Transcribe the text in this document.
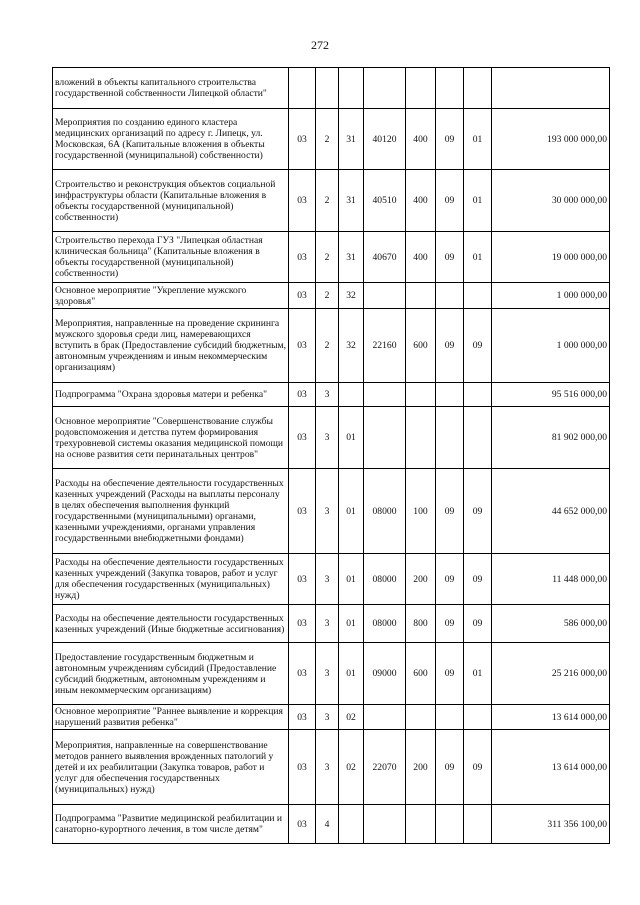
272
вложений в объекты капитального строительства государственной собственности Липецкой области"								
Мероприятия по созданию единого кластера медицинских организаций по адресу г. Липецк, ул. Московская, 6А (Капитальные вложения в объекты государственной (муниципальной) собственности)	03	2	31	40120	400	09	01	193 000 000,00
Строительство и реконструкция объектов социальной инфраструктуры области (Капитальные вложения в объекты государственной (муниципальной) собственности)	03	2	31	40510	400	09	01	30 000 000,00
Строительство перехода ГУЗ "Липецкая областная клиническая больница" (Капитальные вложения в объекты государственной (муниципальной) собственности)	03	2	31	40670	400	09	01	19 000 000,00
Основное мероприятие "Укрепление мужского здоровья"	03	2	32					1 000 000,00
Мероприятия, направленные на проведение скрининга мужского здоровья среди лиц, намеревающихся вступить в брак (Предоставление субсидий бюджетным, автономным учреждениям и иным некоммерческим организациям)	03	2	32	22160	600	09	09	1 000 000,00
Подпрограмма "Охрана здоровья матери и ребенка"	03	3						95 516 000,00
Основное мероприятие "Совершенствование службы родовспоможения и детства путем формирования трехуровневой системы оказания медицинской помощи на основе развития сети перинатальных центров"	03	3	01					81 902 000,00
Расходы на обеспечение деятельности государственных казенных учреждений (Расходы на выплаты персоналу в целях обеспечения выполнения функций государственными (муниципальными) органами, казенными учреждениями, органами управления государственными внебюджетными фондами)	03	3	01	08000	100	09	09	44 652 000,00
Расходы на обеспечение деятельности государственных казенных учреждений (Закупка товаров, работ и услуг для обеспечения государственных (муниципальных) нужд)	03	3	01	08000	200	09	09	11 448 000,00
Расходы на обеспечение деятельности государственных казенных учреждений (Иные бюджетные ассигнования)	03	3	01	08000	800	09	09	586 000,00
Предоставление государственным бюджетным и автономным учреждениям субсидий (Предоставление субсидий бюджетным, автономным учреждениям и иным некоммерческим организациям)	03	3	01	09000	600	09	01	25 216 000,00
Основное мероприятие "Раннее выявление и коррекция нарушений развития ребенка"	03	3	02					13 614 000,00
Мероприятия, направленные на совершенствование методов раннего выявления врожденных патологий у детей и их реабилитации (Закупка товаров, работ и услуг для обеспечения государственных (муниципальных) нужд)	03	3	02	22070	200	09	09	13 614 000,00
Подпрограмма "Развитие медицинской реабилитации и санаторно-курортного лечения, в том числе детям"	03	4						311 356 100,00
